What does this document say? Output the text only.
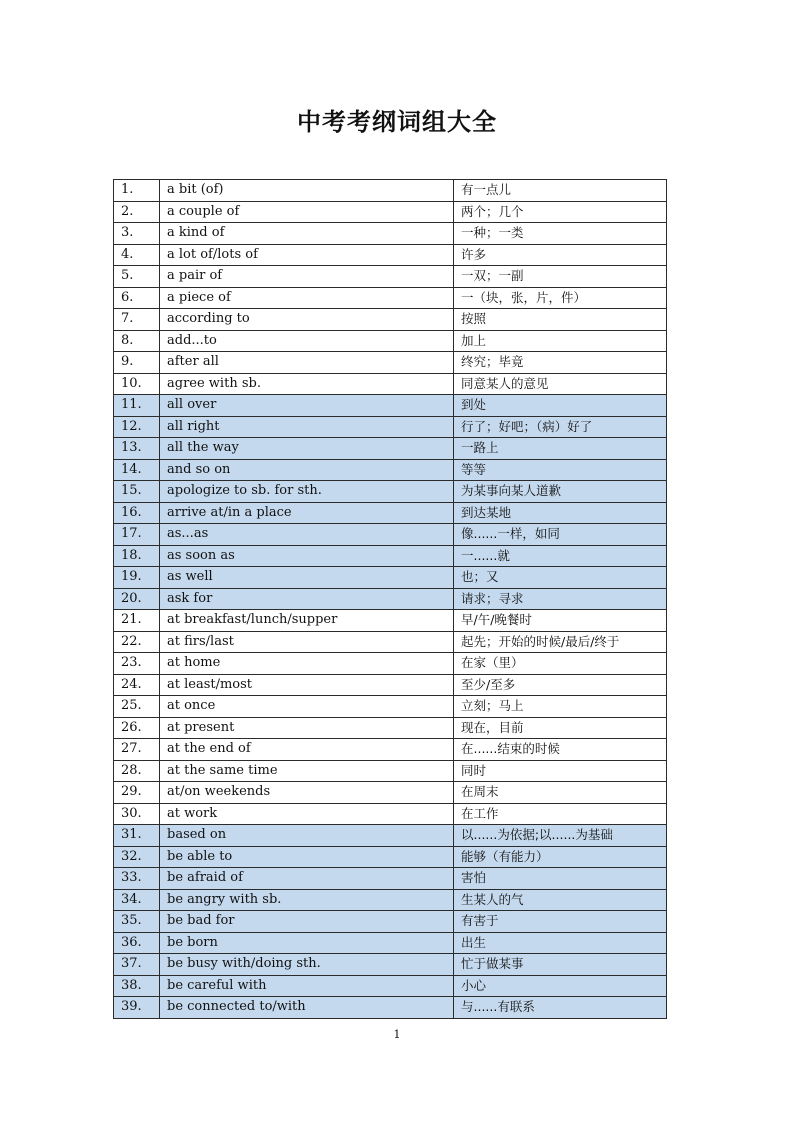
中考考纲词组大全
1.	a bit (of)	有一点儿
2.	a couple of	两个；几个
3.	a kind of	一种；一类
4.	a lot of/lots of	许多
5.	a pair of	一双；一副
6.	a piece of	一（块，张，片，件）
7.	according to	按照
8.	add...to	加上
9.	after all	终究；毕竟
10.	agree with sb.	同意某人的意见
11.	all over	到处
12.	all right	行了；好吧；（病）好了
13.	all the way	一路上
14.	and so on	等等
15.	apologize to sb. for sth.	为某事向某人道歉
16.	arrive at/in a place	到达某地
17.	as...as	像......一样，如同
18.	as soon as	一......就
19.	as well	也；又
20.	ask for	请求；寻求
21.	at breakfast/lunch/supper	早/午/晚餐时
22.	at firs/last	起先；开始的时候/最后/终于
23.	at home	在家（里）
24.	at least/most	至少/至多
25.	at once	立刻；马上
26.	at present	现在，目前
27.	at the end of	在......结束的时候
28.	at the same time	同时
29.	at/on weekends	在周末
30.	at work	在工作
31.	based on	以......为依据;以......为基础
32.	be able to	能够（有能力）
33.	be afraid of	害怕
34.	be angry with sb.	生某人的气
35.	be bad for	有害于
36.	be born	出生
37.	be busy with/doing sth.	忙于做某事
38.	be careful with	小心
39.	be connected to/with	与......有联系
1
